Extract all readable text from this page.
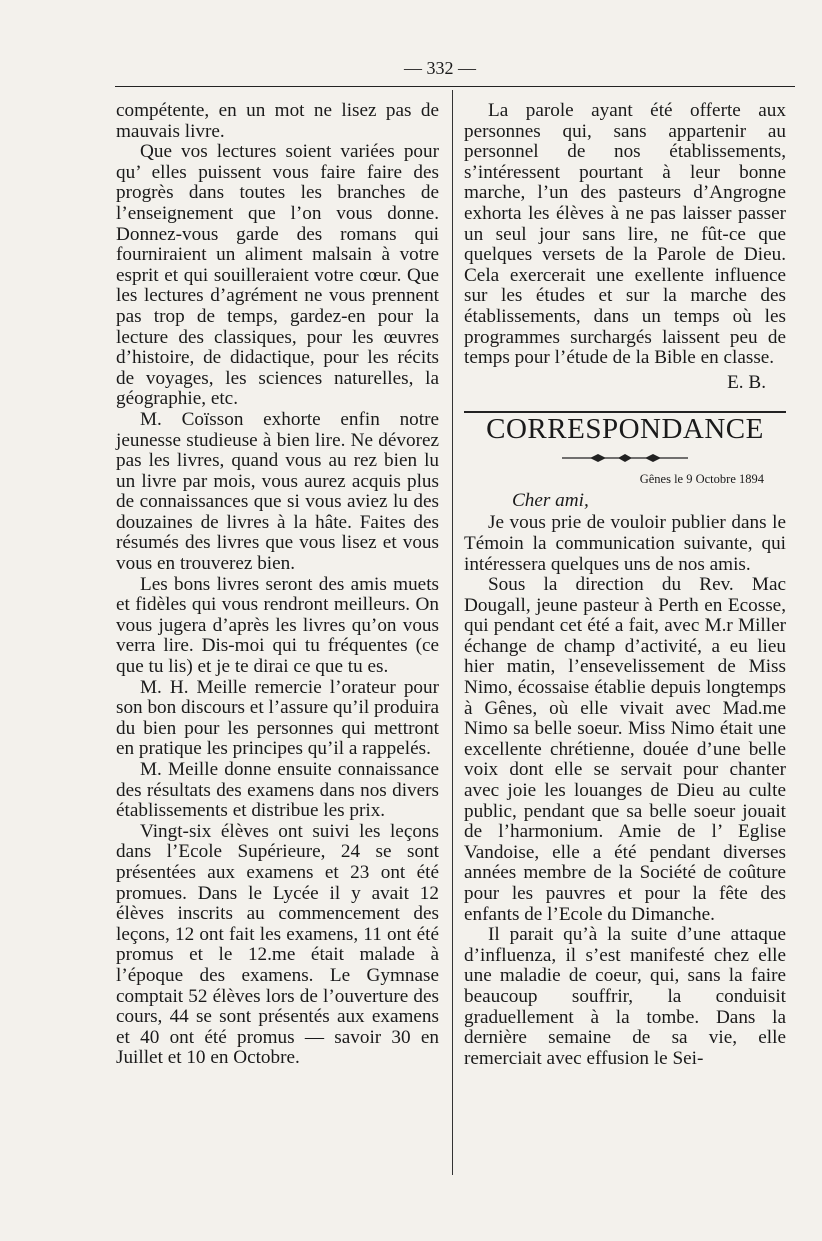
— 332 —

compétente, en un mot ne lisez pas de mauvais livre.

Que vos lectures soient variées pour qu’ elles puissent vous faire faire des progrès dans toutes les branches de l’enseignement que l’on vous donne. Donnez-vous garde des romans qui fourniraient un aliment malsain à votre esprit et qui souilleraient votre cœur. Que les lectures d’agrément ne vous prennent pas trop de temps, gardez-en pour la lecture des classiques, pour les œuvres d’histoire, de didactique, pour les récits de voyages, les sciences naturelles, la géographie, etc.

M. Coïsson exhorte enfin notre jeunesse studieuse à bien lire. Ne dévorez pas les livres, quand vous au rez bien lu un livre par mois, vous aurez acquis plus de connaissances que si vous aviez lu des douzaines de livres à la hâte. Faites des résumés des livres que vous lisez et vous vous en trouverez bien.

Les bons livres seront des amis muets et fidèles qui vous rendront meilleurs. On vous jugera d’après les livres qu’on vous verra lire. Dis-moi qui tu fréquentes (ce que tu lis) et je te dirai ce que tu es.

M. H. Meille remercie l’orateur pour son bon discours et l’assure qu’il produira du bien pour les personnes qui mettront en pratique les principes qu’il a rappelés.

M. Meille donne ensuite connaissance des résultats des examens dans nos divers établissements et distribue les prix.

Vingt-six élèves ont suivi les leçons dans l’Ecole Supérieure, 24 se sont présentées aux examens et 23 ont été promues. Dans le Lycée il y avait 12 élèves inscrits au commencement des leçons, 12 ont fait les examens, 11 ont été promus et le 12.me était malade à l’époque des examens. Le Gymnase comptait 52 élèves lors de l’ouverture des cours, 44 se sont présentés aux examens et 40 ont été promus — savoir 30 en Juillet et 10 en Octobre.

La parole ayant été offerte aux personnes qui, sans appartenir au personnel de nos établissements, s’intéressent pourtant à leur bonne marche, l’un des pasteurs d’Angrogne exhorta les élèves à ne pas laisser passer un seul jour sans lire, ne fût-ce que quelques versets de la Parole de Dieu. Cela exercerait une exellente influence sur les études et sur la marche des établissements, dans un temps où les programmes surchargés laissent peu de temps pour l’étude de la Bible en classe.

E. B.

CORRESPONDANCE

Gênes le 9 Octobre 1894

Cher ami,

Je vous prie de vouloir publier dans le Témoin la communication suivante, qui intéressera quelques uns de nos amis.

Sous la direction du Rev. Mac Dougall, jeune pasteur à Perth en Ecosse, qui pendant cet été a fait, avec M.r Miller échange de champ d’activité, a eu lieu hier matin, l’ensevelissement de Miss Nimo, écossaise établie depuis longtemps à Gênes, où elle vivait avec Mad.me Nimo sa belle soeur. Miss Nimo était une excellente chrétienne, douée d’une belle voix dont elle se servait pour chanter avec joie les louanges de Dieu au culte public, pendant que sa belle soeur jouait de l’harmonium. Amie de l’ Eglise Vandoise, elle a été pendant diverses années membre de la Société de coûture pour les pauvres et pour la fête des enfants de l’Ecole du Dimanche.

Il parait qu’à la suite d’une attaque d’influenza, il s’est manifesté chez elle une maladie de coeur, qui, sans la faire beaucoup souffrir, la conduisit graduellement à la tombe. Dans la dernière semaine de sa vie, elle remerciait avec effusion le Sei-
